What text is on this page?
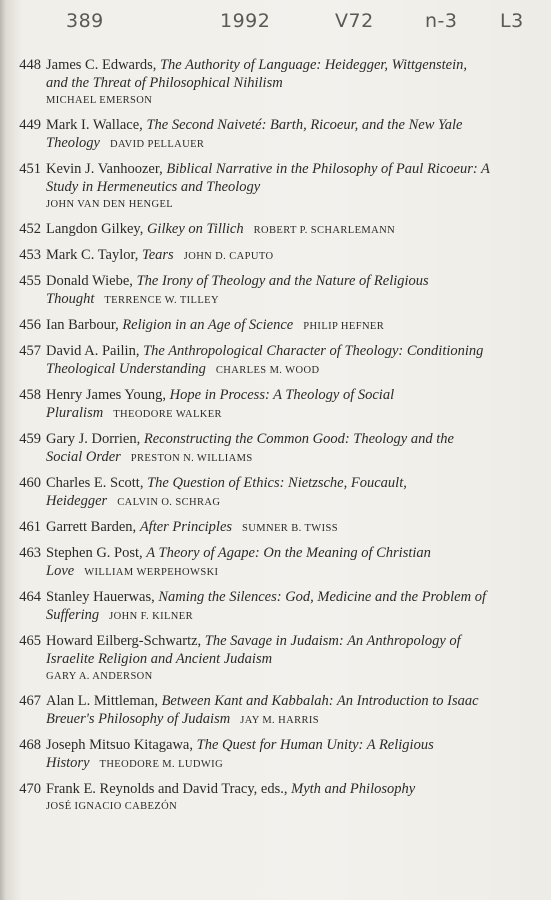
389	1992	V72	n-3 L3
448 James C. Edwards, The Authority of Language: Heidegger, Wittgenstein, and the Threat of Philosophical Nihilism
MICHAEL EMERSON
449 Mark I. Wallace, The Second Naiveté: Barth, Ricoeur, and the New Yale Theology DAVID PELLAUER
451 Kevin J. Vanhoozer, Biblical Narrative in the Philosophy of Paul Ricoeur: A Study in Hermeneutics and Theology
JOHN VAN DEN HENGEL
452 Langdon Gilkey, Gilkey on Tillich ROBERT P. SCHARLEMANN
453 Mark C. Taylor, Tears JOHN D. CAPUTO
455 Donald Wiebe, The Irony of Theology and the Nature of Religious Thought TERRENCE W. TILLEY
456 Ian Barbour, Religion in an Age of Science PHILIP HEFNER
457 David A. Pailin, The Anthropological Character of Theology: Conditioning Theological Understanding CHARLES M. WOOD
458 Henry James Young, Hope in Process: A Theology of Social Pluralism THEODORE WALKER
459 Gary J. Dorrien, Reconstructing the Common Good: Theology and the Social Order PRESTON N. WILLIAMS
460 Charles E. Scott, The Question of Ethics: Nietzsche, Foucault, Heidegger CALVIN O. SCHRAG
461 Garrett Barden, After Principles SUMNER B. TWISS
463 Stephen G. Post, A Theory of Agape: On the Meaning of Christian Love WILLIAM WERPEHOWSKI
464 Stanley Hauerwas, Naming the Silences: God, Medicine and the Problem of Suffering JOHN F. KILNER
465 Howard Eilberg-Schwartz, The Savage in Judaism: An Anthropology of Israelite Religion and Ancient Judaism
GARY A. ANDERSON
467 Alan L. Mittleman, Between Kant and Kabbalah: An Introduction to Isaac Breuer's Philosophy of Judaism JAY M. HARRIS
468 Joseph Mitsuo Kitagawa, The Quest for Human Unity: A Religious History THEODORE M. LUDWIG
470 Frank E. Reynolds and David Tracy, eds., Myth and Philosophy
JOSÉ IGNACIO CABEZÓN
